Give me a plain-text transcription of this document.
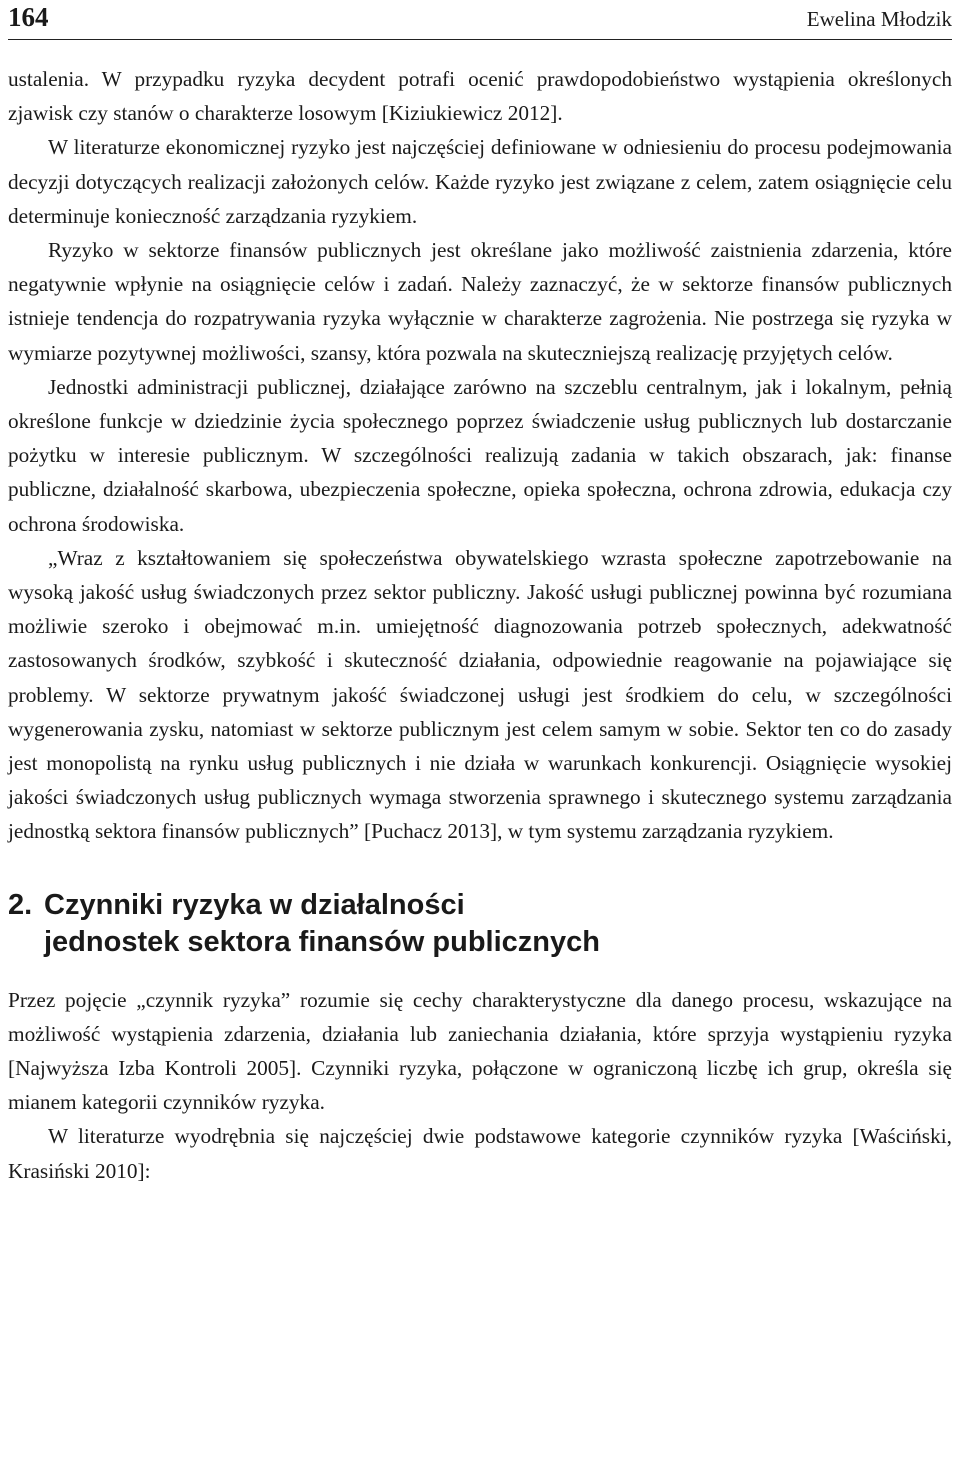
164	Ewelina Młodzik

ustalenia. W przypadku ryzyka decydent potrafi ocenić prawdopodobieństwo wystąpienia określonych zjawisk czy stanów o charakterze losowym [Kiziukiewicz 2012].

W literaturze ekonomicznej ryzyko jest najczęściej definiowane w odniesieniu do procesu podejmowania decyzji dotyczących realizacji założonych celów. Każde ryzyko jest związane z celem, zatem osiągnięcie celu determinuje konieczność zarządzania ryzykiem.

Ryzyko w sektorze finansów publicznych jest określane jako możliwość zaistnienia zdarzenia, które negatywnie wpłynie na osiągnięcie celów i zadań. Należy zaznaczyć, że w sektorze finansów publicznych istnieje tendencja do rozpatrywania ryzyka wyłącznie w charakterze zagrożenia. Nie postrzega się ryzyka w wymiarze pozytywnej możliwości, szansy, która pozwala na skuteczniejszą realizację przyjętych celów.

Jednostki administracji publicznej, działające zarówno na szczeblu centralnym, jak i lokalnym, pełnią określone funkcje w dziedzinie życia społecznego poprzez świadczenie usług publicznych lub dostarczanie pożytku w interesie publicznym. W szczególności realizują zadania w takich obszarach, jak: finanse publiczne, działalność skarbowa, ubezpieczenia społeczne, opieka społeczna, ochrona zdrowia, edukacja czy ochrona środowiska.

„Wraz z kształtowaniem się społeczeństwa obywatelskiego wzrasta społeczne zapotrzebowanie na wysoką jakość usług świadczonych przez sektor publiczny. Jakość usługi publicznej powinna być rozumiana możliwie szeroko i obejmować m.in. umiejętność diagnozowania potrzeb społecznych, adekwatność zastosowanych środków, szybkość i skuteczność działania, odpowiednie reagowanie na pojawiające się problemy. W sektorze prywatnym jakość świadczonej usługi jest środkiem do celu, w szczególności wygenerowania zysku, natomiast w sektorze publicznym jest celem samym w sobie. Sektor ten co do zasady jest monopolistą na rynku usług publicznych i nie działa w warunkach konkurencji. Osiągnięcie wysokiej jakości świadczonych usług publicznych wymaga stworzenia sprawnego i skutecznego systemu zarządzania jednostką sektora finansów publicznych” [Puchacz 2013], w tym systemu zarządzania ryzykiem.

2. Czynniki ryzyka w działalności
jednostek sektora finansów publicznych

Przez pojęcie „czynnik ryzyka” rozumie się cechy charakterystyczne dla danego procesu, wskazujące na możliwość wystąpienia zdarzenia, działania lub zaniechania działania, które sprzyja wystąpieniu ryzyka [Najwyższa Izba Kontroli 2005]. Czynniki ryzyka, połączone w ograniczoną liczbę ich grup, określa się mianem kategorii czynników ryzyka.

W literaturze wyodrębnia się najczęściej dwie podstawowe kategorie czynników ryzyka [Waściński, Krasiński 2010]:
